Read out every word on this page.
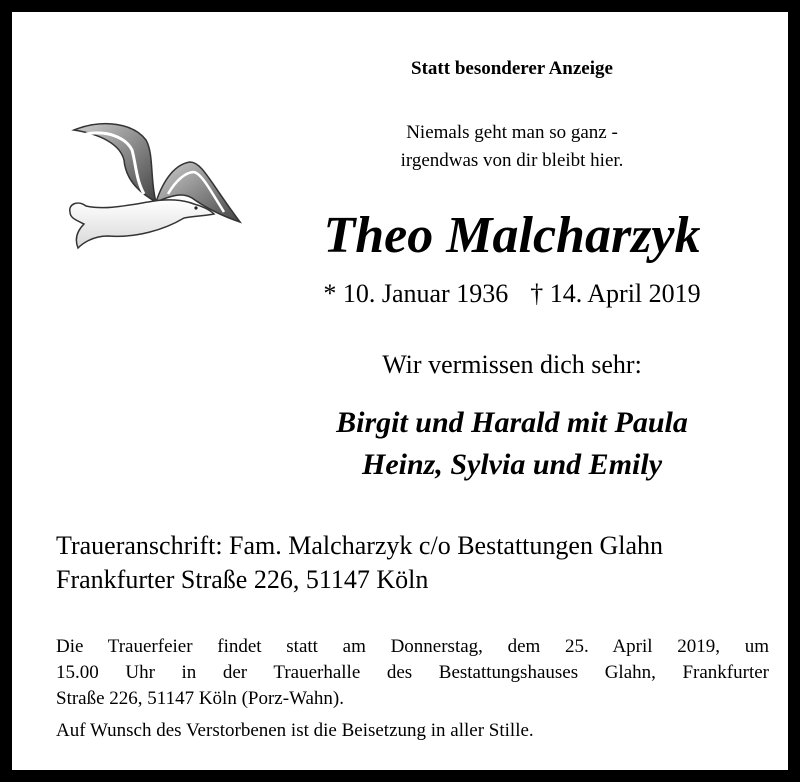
Statt besonderer Anzeige
Niemals geht man so ganz -
irgendwas von dir bleibt hier.
Theo Malcharzyk
* 10. Januar 1936 † 14. April 2019
Wir vermissen dich sehr:
Birgit und Harald mit Paula
Heinz, Sylvia und Emily
Traueranschrift: Fam. Malcharzyk c/o Bestattungen Glahn
Frankfurter Straße 226, 51147 Köln

Die Trauerfeier findet statt am Donnerstag, dem 25. April 2019, um

15.00 Uhr in der Trauerhalle des Bestattungshauses Glahn, Frankfurter

Straße 226, 51147 Köln (Porz-Wahn).

Auf Wunsch des Verstorbenen ist die Beisetzung in aller Stille.
